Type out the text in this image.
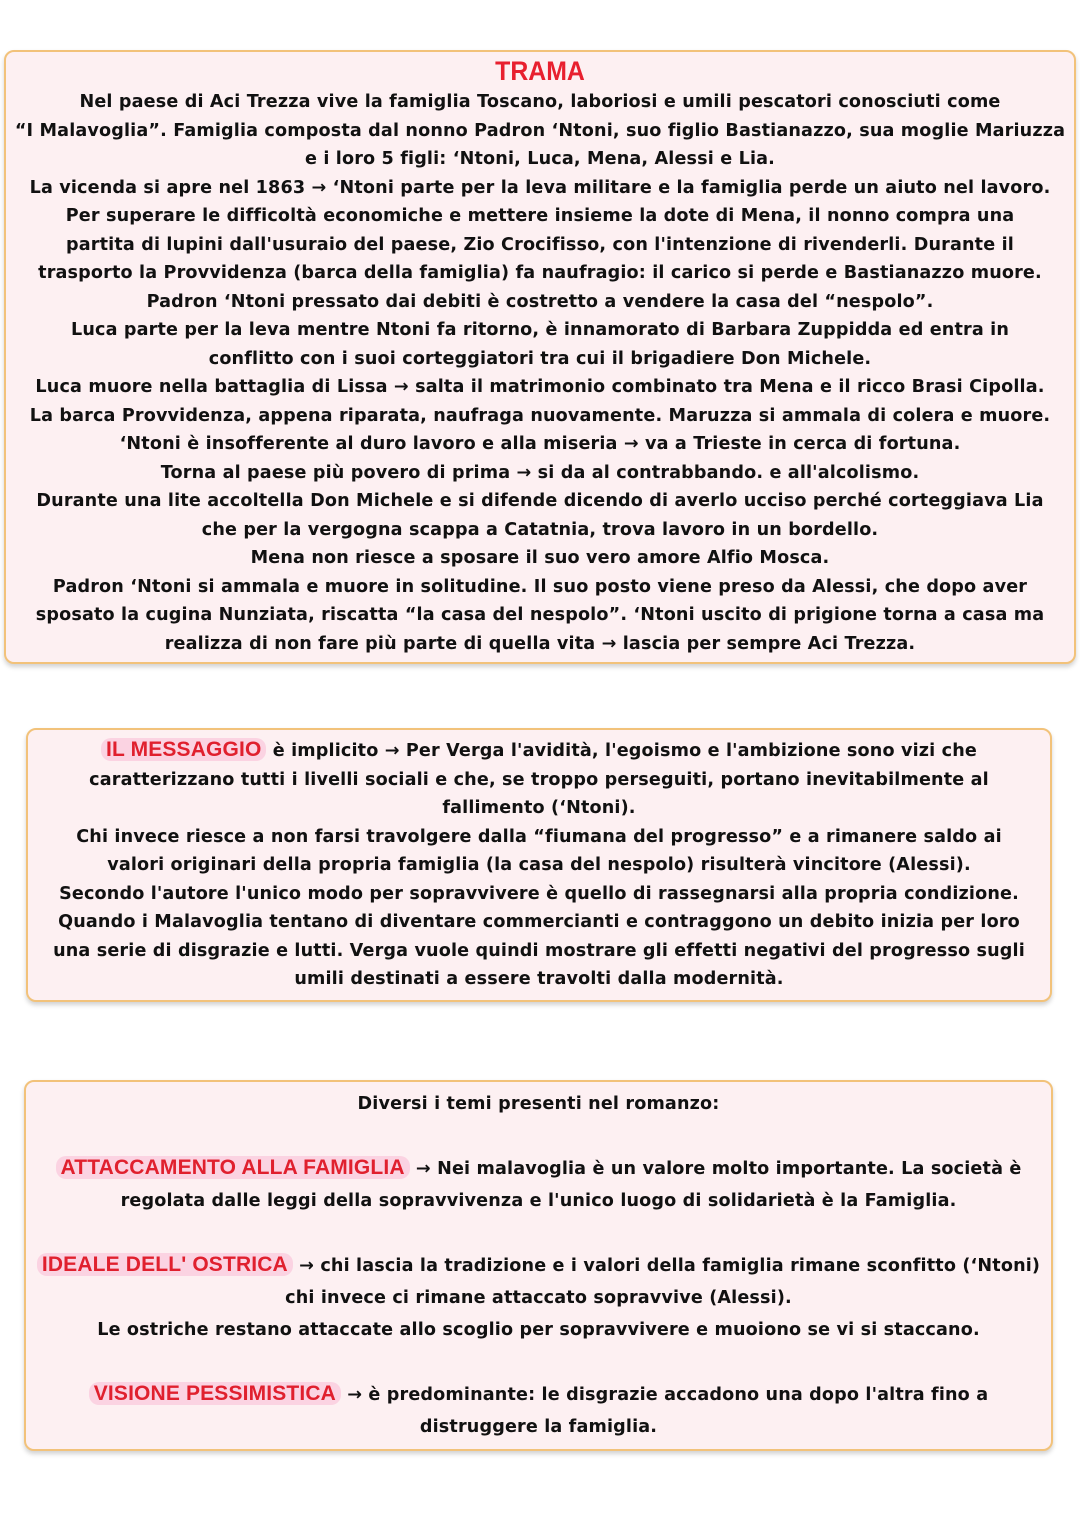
TRAMA
Nel paese di Aci Trezza vive la famiglia Toscano, laboriosi e umili pescatori conosciuti come
“I Malavoglia”. Famiglia composta dal nonno Padron ‘Ntoni, suo figlio Bastianazzo, sua moglie Mariuzza
e i loro 5 figli: ‘Ntoni, Luca, Mena, Alessi e Lia.
La vicenda si apre nel 1863 → ‘Ntoni parte per la leva militare e la famiglia perde un aiuto nel lavoro.
Per superare le difficoltà economiche e mettere insieme la dote di Mena, il nonno compra una
partita di lupini dall'usuraio del paese, Zio Crocifisso, con l'intenzione di rivenderli. Durante il
trasporto la Provvidenza (barca della famiglia) fa naufragio: il carico si perde e Bastianazzo muore.
Padron ‘Ntoni pressato dai debiti è costretto a vendere la casa del “nespolo”.
Luca parte per la leva mentre Ntoni fa ritorno, è innamorato di Barbara Zuppidda ed entra in
conflitto con i suoi corteggiatori tra cui il brigadiere Don Michele.
Luca muore nella battaglia di Lissa → salta il matrimonio combinato tra Mena e il ricco Brasi Cipolla.
La barca Provvidenza, appena riparata, naufraga nuovamente. Maruzza si ammala di colera e muore.
‘Ntoni è insofferente al duro lavoro e alla miseria → va a Trieste in cerca di fortuna.
Torna al paese più povero di prima → si da al contrabbando. e all'alcolismo.
Durante una lite accoltella Don Michele e si difende dicendo di averlo ucciso perché corteggiava Lia
che per la vergogna scappa a Catatnia, trova lavoro in un bordello.
Mena non riesce a sposare il suo vero amore Alfio Mosca.
Padron ‘Ntoni si ammala e muore in solitudine. Il suo posto viene preso da Alessi, che dopo aver
sposato la cugina Nunziata, riscatta “la casa del nespolo”. ‘Ntoni uscito di prigione torna a casa ma
realizza di non fare più parte di quella vita → lascia per sempre Aci Trezza.
IL MESSAGGIO è implicito → Per Verga l'avidità, l'egoismo e l'ambizione sono vizi che
caratterizzano tutti i livelli sociali e che, se troppo perseguiti, portano inevitabilmente al
fallimento (‘Ntoni).
Chi invece riesce a non farsi travolgere dalla “fiumana del progresso” e a rimanere saldo ai
valori originari della propria famiglia (la casa del nespolo) risulterà vincitore (Alessi).
Secondo l'autore l'unico modo per sopravvivere è quello di rassegnarsi alla propria condizione.
Quando i Malavoglia tentano di diventare commercianti e contraggono un debito inizia per loro
una serie di disgrazie e lutti. Verga vuole quindi mostrare gli effetti negativi del progresso sugli
umili destinati a essere travolti dalla modernità.
Diversi i temi presenti nel romanzo:
ATTACCAMENTO ALLA FAMIGLIA → Nei malavoglia è un valore molto importante. La società è
regolata dalle leggi della sopravvivenza e l'unico luogo di solidarietà è la Famiglia.
IDEALE DELL' OSTRICA → chi lascia la tradizione e i valori della famiglia rimane sconfitto (‘Ntoni)
chi invece ci rimane attaccato sopravvive (Alessi).
Le ostriche restano attaccate allo scoglio per sopravvivere e muoiono se vi si staccano.
VISIONE PESSIMISTICA → è predominante: le disgrazie accadono una dopo l'altra fino a
distruggere la famiglia.
